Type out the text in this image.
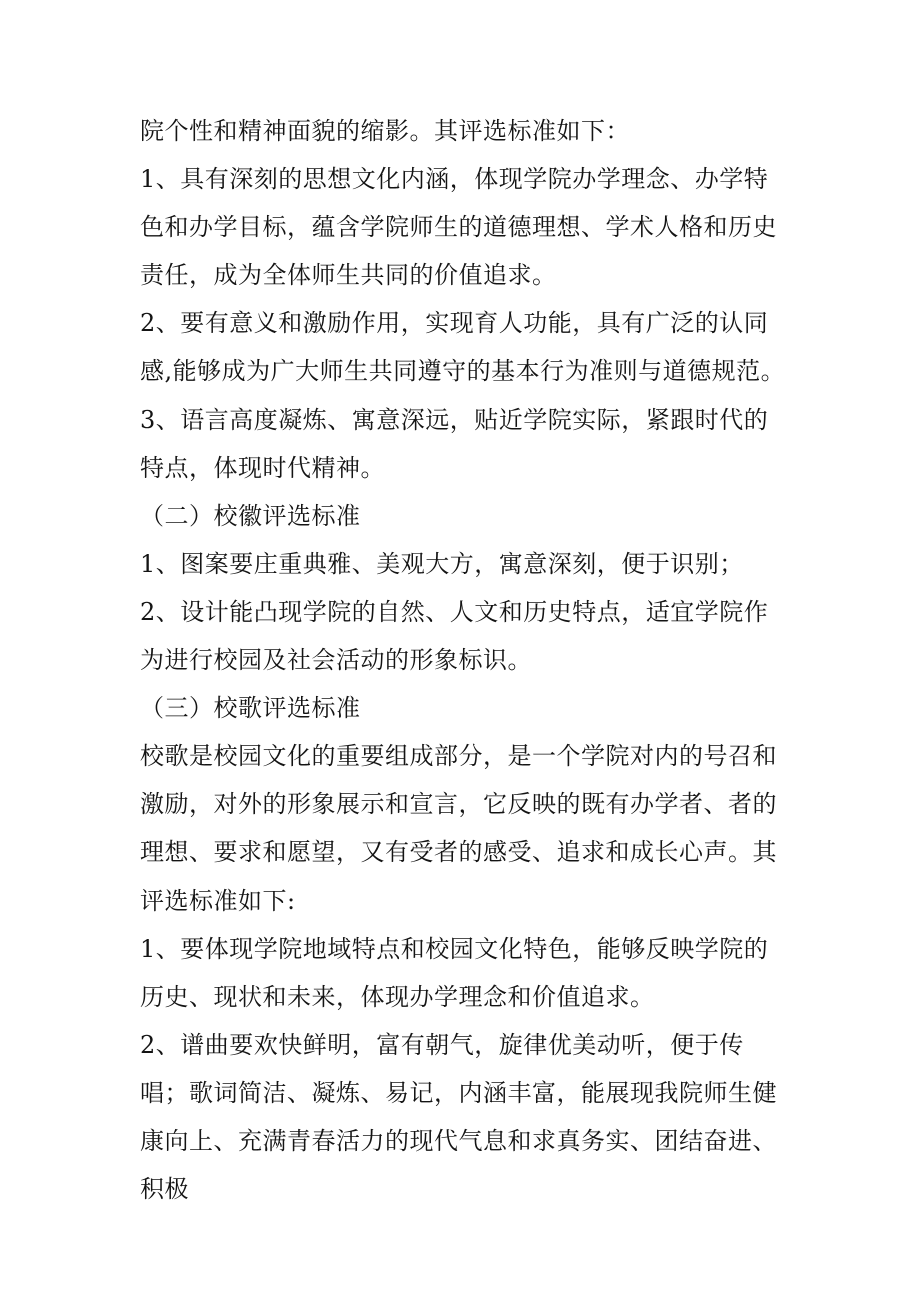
院个性和精神面貌的缩影。其评选标准如下：

1、具有深刻的思想文化内涵，体现学院办学理念、办学特色和办学目标，蕴含学院师生的道德理想、学术人格和历史责任，成为全体师生共同的价值追求。

2、要有意义和激励作用，实现育人功能，具有广泛的认同感,能够成为广大师生共同遵守的基本行为准则与道德规范。

3、语言高度凝炼、寓意深远，贴近学院实际，紧跟时代的特点，体现时代精神。

（二）校徽评选标准

1、图案要庄重典雅、美观大方，寓意深刻，便于识别；

2、设计能凸现学院的自然、人文和历史特点，适宜学院作为进行校园及社会活动的形象标识。

（三）校歌评选标准

校歌是校园文化的重要组成部分，是一个学院对内的号召和激励，对外的形象展示和宣言，它反映的既有办学者、者的理想、要求和愿望，又有受者的感受、追求和成长心声。其评选标准如下:

1、要体现学院地域特点和校园文化特色，能够反映学院的历史、现状和未来，体现办学理念和价值追求。

2、谱曲要欢快鲜明，富有朝气，旋律优美动听，便于传唱；歌词简洁、凝炼、易记，内涵丰富，能展现我院师生健康向上、充满青春活力的现代气息和求真务实、团结奋进、积极
